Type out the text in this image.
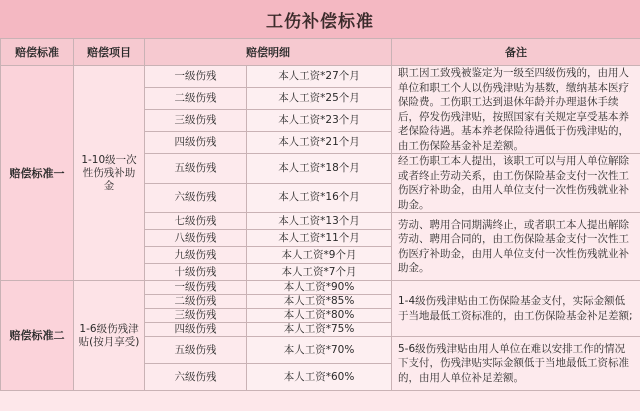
工伤补偿标准
赔偿标准	赔偿项目	赔偿明细		备注
赔偿标准一	1-10级一次性伤残补助金	一级伤残	本人工资*27个月	职工因工致残被鉴定为一级至四级伤残的，由用人单位和职工个人以伤残津贴为基数，缴纳基本医疗保险费。工伤职工达到退休年龄并办理退休手续后，停发伤残津贴，按照国家有关规定享受基本养老保险待遇。基本养老保险待遇低于伤残津贴的，由工伤保险基金补足差额。
		二级伤残	本人工资*25个月	
		三级伤残	本人工资*23个月	
		四级伤残	本人工资*21个月	
		五级伤残	本人工资*18个月	经工伤职工本人提出，该职工可以与用人单位解除或者终止劳动关系，由工伤保险基金支付一次性工伤医疗补助金，由用人单位支付一次性伤残就业补助金。
		六级伤残	本人工资*16个月	
		七级伤残	本人工资*13个月	劳动、聘用合同期满终止，或者职工本人提出解除劳动、聘用合同的，由工伤保险基金支付一次性工伤医疗补助金，由用人单位支付一次性伤残就业补助金。
		八级伤残	本人工资*11个月	
		九级伤残	本人工资*9个月	
		十级伤残	本人工资*7个月	
赔偿标准二	1-6级伤残津贴(按月享受)	一级伤残	本人工资*90%	1-4级伤残津贴由工伤保险基金支付，实际金额低于当地最低工资标准的，由工伤保险基金补足差额;
		二级伤残	本人工资*85%	
		三级伤残	本人工资*80%	
		四级伤残	本人工资*75%	
		五级伤残	本人工资*70%	5-6级伤残津贴由用人单位在难以安排工作的情况下支付，伤残津贴实际金额低于当地最低工资标准的，由用人单位补足差额。
		六级伤残	本人工资*60%	
